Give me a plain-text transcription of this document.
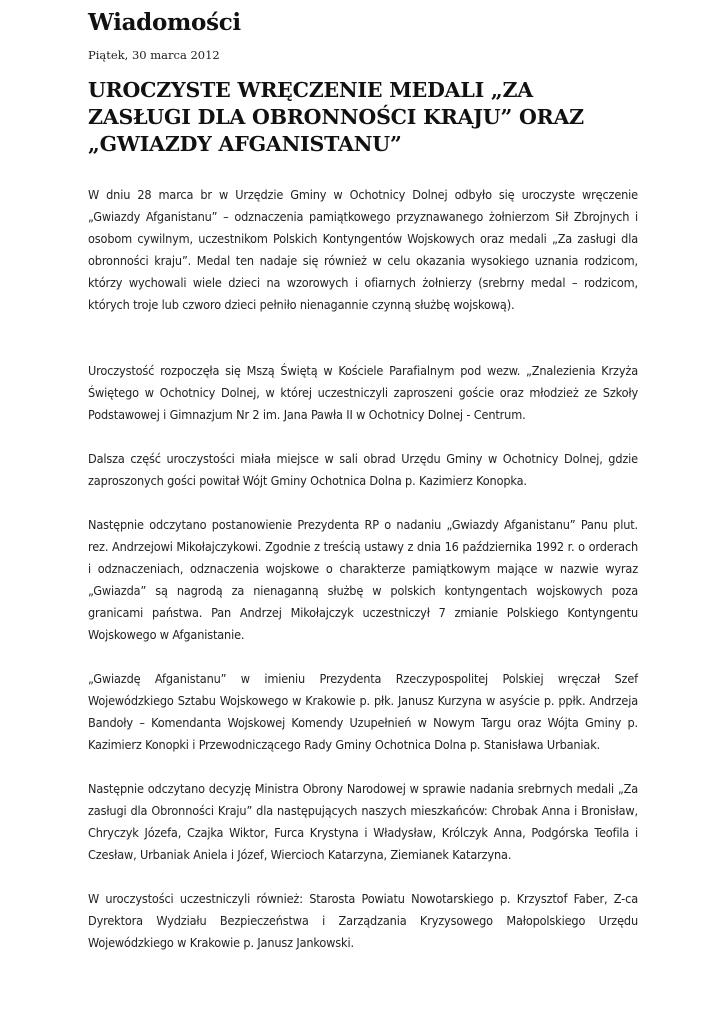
Wiadomości
Piątek, 30 marca 2012
UROCZYSTE WRĘCZENIE MEDALI „ZA ZASŁUGI DLA OBRONNOŚCI KRAJU” ORAZ „GWIAZDY AFGANISTANU”

W dniu 28 marca br w Urzędzie Gminy w Ochotnicy Dolnej odbyło się uroczyste wręczenie „Gwiazdy Afganistanu” – odznaczenia pamiątkowego przyznawanego żołnierzom Sił Zbrojnych i osobom cywilnym, uczestnikom Polskich Kontyngentów Wojskowych oraz medali „Za zasługi dla obronności kraju”. Medal ten nadaje się również w celu okazania wysokiego uznania rodzicom, którzy wychowali wiele dzieci na wzorowych i ofiarnych żołnierzy (srebrny medal – rodzicom, których troje lub czworo dzieci pełniło nienagannie czynną służbę wojskową).

Uroczystość rozpoczęła się Mszą Świętą w Kościele Parafialnym pod wezw. „Znalezienia Krzyża Świętego w Ochotnicy Dolnej, w której uczestniczyli zaproszeni goście oraz młodzież ze Szkoły Podstawowej i Gimnazjum Nr 2 im. Jana Pawła II w Ochotnicy Dolnej - Centrum.

Dalsza część uroczystości miała miejsce w sali obrad Urzędu Gminy w Ochotnicy Dolnej, gdzie zaproszonych gości powitał Wójt Gminy Ochotnica Dolna p. Kazimierz Konopka.

Następnie odczytano postanowienie Prezydenta RP o nadaniu „Gwiazdy Afganistanu” Panu plut. rez. Andrzejowi Mikołajczykowi. Zgodnie z treścią ustawy z dnia 16 października 1992 r. o orderach i odznaczeniach, odznaczenia wojskowe o charakterze pamiątkowym mające w nazwie wyraz „Gwiazda” są nagrodą za nienaganną służbę w polskich kontyngentach wojskowych poza granicami państwa. Pan Andrzej Mikołajczyk uczestniczył 7 zmianie Polskiego Kontyngentu Wojskowego w Afganistanie.

„Gwiazdę Afganistanu” w imieniu Prezydenta Rzeczypospolitej Polskiej wręczał Szef Wojewódzkiego Sztabu Wojskowego w Krakowie p. płk. Janusz Kurzyna w asyście p. ppłk. Andrzeja Bandoły – Komendanta Wojskowej Komendy Uzupełnień w Nowym Targu oraz Wójta Gminy p. Kazimierz Konopki i Przewodniczącego Rady Gminy Ochotnica Dolna p. Stanisława Urbaniak.

Następnie odczytano decyzję Ministra Obrony Narodowej w sprawie nadania srebrnych medali „Za zasługi dla Obronności Kraju” dla następujących naszych mieszkańców: Chrobak Anna i Bronisław, Chryczyk Józefa, Czajka Wiktor, Furca Krystyna i Władysław, Królczyk Anna, Podgórska Teofila i Czesław, Urbaniak Aniela i Józef, Wiercioch Katarzyna, Ziemianek Katarzyna.

W uroczystości uczestniczyli również: Starosta Powiatu Nowotarskiego p. Krzysztof Faber, Z-ca Dyrektora Wydziału Bezpieczeństwa i Zarządzania Kryzysowego Małopolskiego Urzędu Wojewódzkiego w Krakowie p. Janusz Jankowski.
